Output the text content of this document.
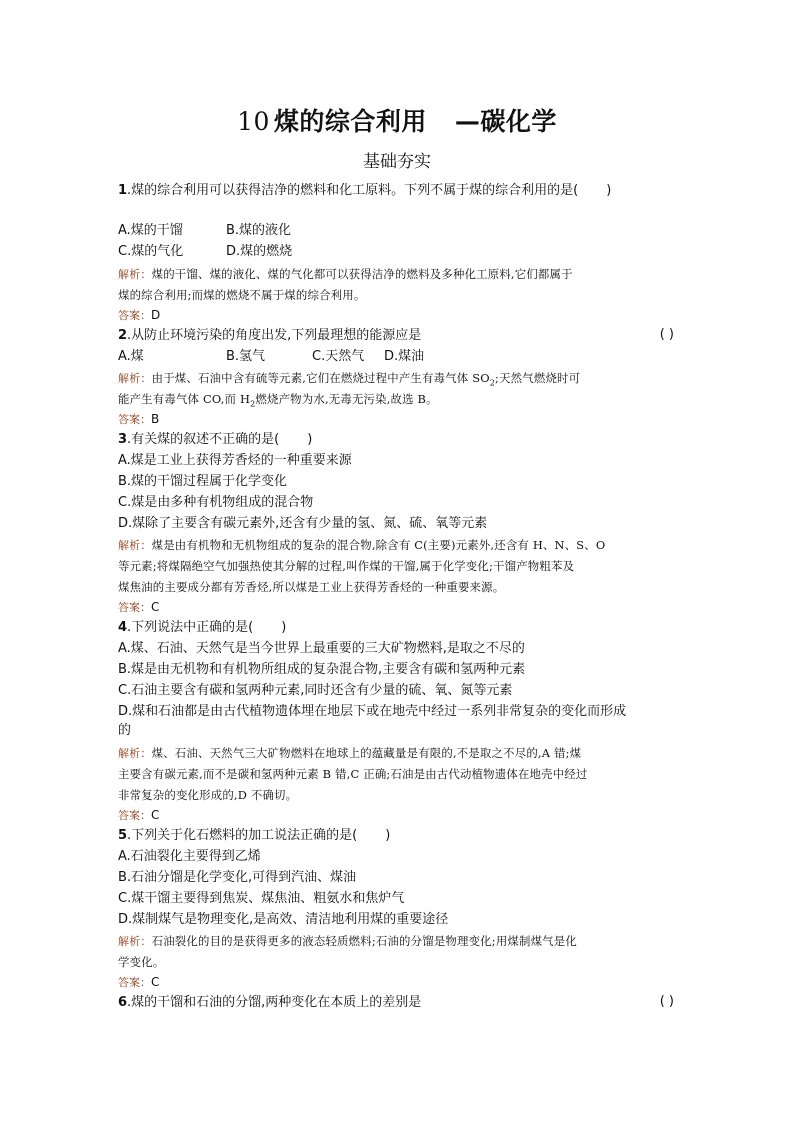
10 煤的综合利用 —碳化学
基础夯实
1.煤的综合利用可以获得洁净的燃料和化工原料。下列不属于煤的综合利用的是( )
A.煤的干馏	B.煤的液化
C.煤的气化	D.煤的燃烧
解析：煤的干馏、煤的液化、煤的气化都可以获得洁净的燃料及多种化工原料,它们都属于
煤的综合利用;而煤的燃烧不属于煤的综合利用。
答案：D
2.从防止环境污染的角度出发,下列最理想的能源应是	( )
A.煤	B.氢气	C.天然气 D.煤油
解析：由于煤、石油中含有硫等元素,它们在燃烧过程中产生有毒气体 $SO_2$;天然气燃烧时可
能产生有毒气体 CO,而 $H_2$燃烧产物为水,无毒无污染,故选 B。
答案：B
3.有关煤的叙述不正确的是( )
A.煤是工业上获得芳香烃的一种重要来源
B.煤的干馏过程属于化学变化
C.煤是由多种有机物组成的混合物
D.煤除了主要含有碳元素外,还含有少量的氢、氮、硫、氧等元素
解析：煤是由有机物和无机物组成的复杂的混合物,除含有 C(主要)元素外,还含有 H、N、S、O
等元素;将煤隔绝空气加强热使其分解的过程,叫作煤的干馏,属于化学变化;干馏产物粗苯及
煤焦油的主要成分都有芳香烃,所以煤是工业上获得芳香烃的一种重要来源。
答案：C
4.下列说法中正确的是( )
A.煤、石油、天然气是当今世界上最重要的三大矿物燃料,是取之不尽的
B.煤是由无机物和有机物所组成的复杂混合物,主要含有碳和氢两种元素
C.石油主要含有碳和氢两种元素,同时还含有少量的硫、氧、氮等元素
D.煤和石油都是由古代植物遗体埋在地层下或在地壳中经过一系列非常复杂的变化而形成
的
解析：煤、石油、天然气三大矿物燃料在地球上的蕴藏量是有限的,不是取之不尽的,A 错;煤
主要含有碳元素,而不是碳和氢两种元素 B 错,C 正确;石油是由古代动植物遗体在地壳中经过
非常复杂的变化形成的,D 不确切。
答案：C
5.下列关于化石燃料的加工说法正确的是( )
A.石油裂化主要得到乙烯
B.石油分馏是化学变化,可得到汽油、煤油
C.煤干馏主要得到焦炭、煤焦油、粗氨水和焦炉气
D.煤制煤气是物理变化,是高效、清洁地利用煤的重要途径
解析：石油裂化的目的是获得更多的液态轻质燃料;石油的分馏是物理变化;用煤制煤气是化
学变化。
答案：C
6.煤的干馏和石油的分馏,两种变化在本质上的差别是	( )
